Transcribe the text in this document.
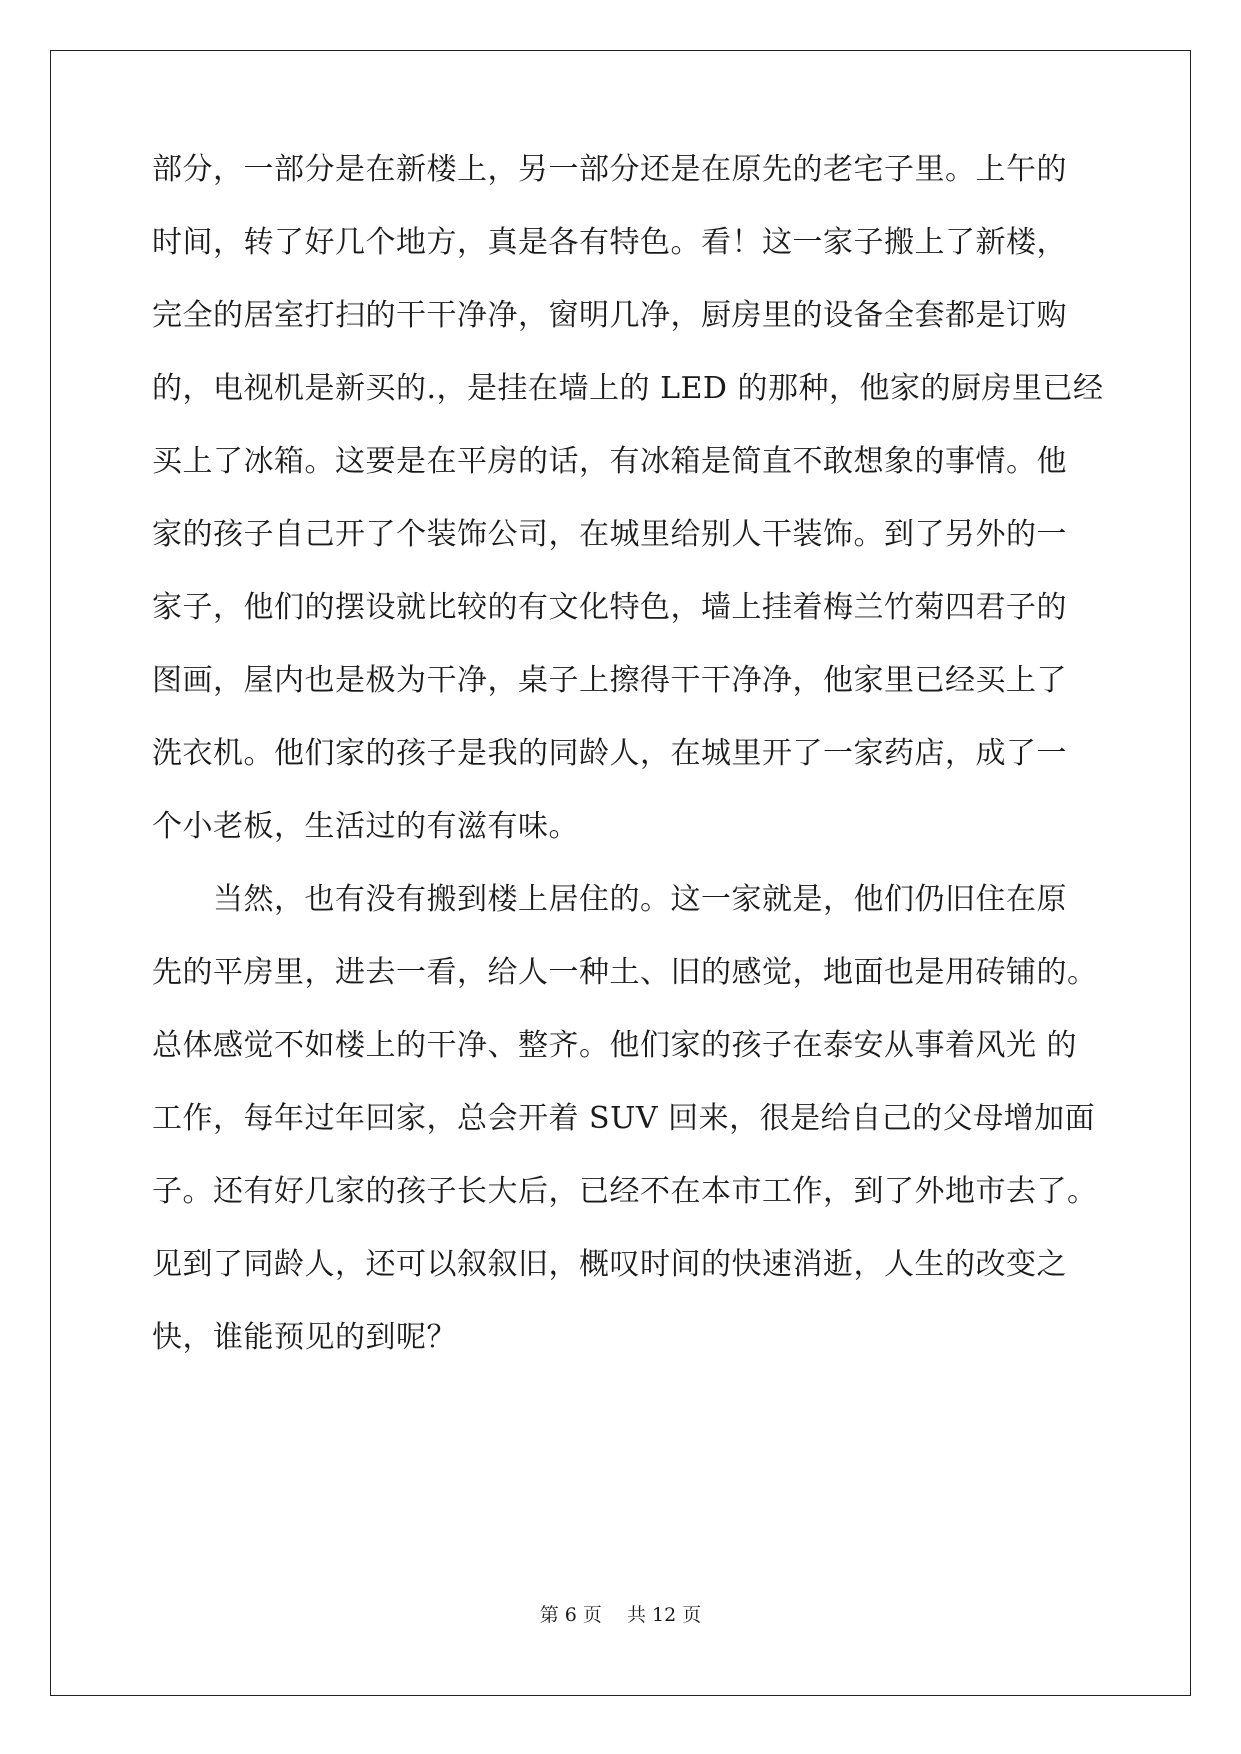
部分，一部分是在新楼上，另一部分还是在原先的老宅子里。上午的
时间，转了好几个地方，真是各有特色。看！这一家子搬上了新楼，
完全的居室打扫的干干净净，窗明几净，厨房里的设备全套都是订购
的，电视机是新买的.，是挂在墙上的 LED 的那种，他家的厨房里已经
买上了冰箱。这要是在平房的话，有冰箱是简直不敢想象的事情。他
家的孩子自己开了个装饰公司，在城里给别人干装饰。到了另外的一
家子，他们的摆设就比较的有文化特色，墙上挂着梅兰竹菊四君子的
图画，屋内也是极为干净，桌子上擦得干干净净，他家里已经买上了
洗衣机。他们家的孩子是我的同龄人，在城里开了一家药店，成了一
个小老板，生活过的有滋有味。
　　当然，也有没有搬到楼上居住的。这一家就是，他们仍旧住在原
先的平房里，进去一看，给人一种土、旧的感觉，地面也是用砖铺的。
总体感觉不如楼上的干净、整齐。他们家的孩子在泰安从事着风光 的
工作，每年过年回家，总会开着 SUV 回来，很是给自己的父母增加面
子。还有好几家的孩子长大后，已经不在本市工作，到了外地市去了。
见到了同龄人，还可以叙叙旧，概叹时间的快速消逝，人生的改变之
快，谁能预见的到呢？
第 6 页　 共 12 页
